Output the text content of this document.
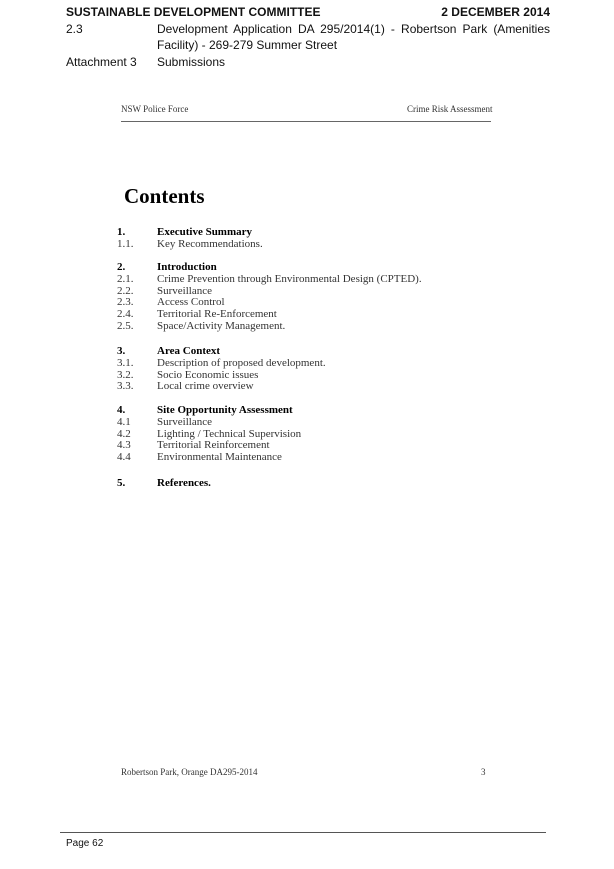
SUSTAINABLE DEVELOPMENT COMMITTEE	2 DECEMBER 2014
2.3	Development Application DA 295/2014(1) - Robertson Park (Amenities
Facility) - 269-279 Summer Street
Attachment 3 Submissions
NSW Police Force	Crime Risk Assessment
Contents
1.	Executive Summary
1.1.	Key Recommendations.
2.	Introduction
2.1.	Crime Prevention through Environmental Design (CPTED).
2.2.	Surveillance
2.3.	Access Control
2.4.	Territorial Re-Enforcement
2.5.	Space/Activity Management.
3.	Area Context
3.1.	Description of proposed development.
3.2.	Socio Economic issues
3.3.	Local crime overview
4.	Site Opportunity Assessment
4.1	Surveillance
4.2	Lighting / Technical Supervision
4.3	Territorial Reinforcement
4.4	Environmental Maintenance
5.	References.
Robertson Park, Orange DA295-2014	3
Page 62
